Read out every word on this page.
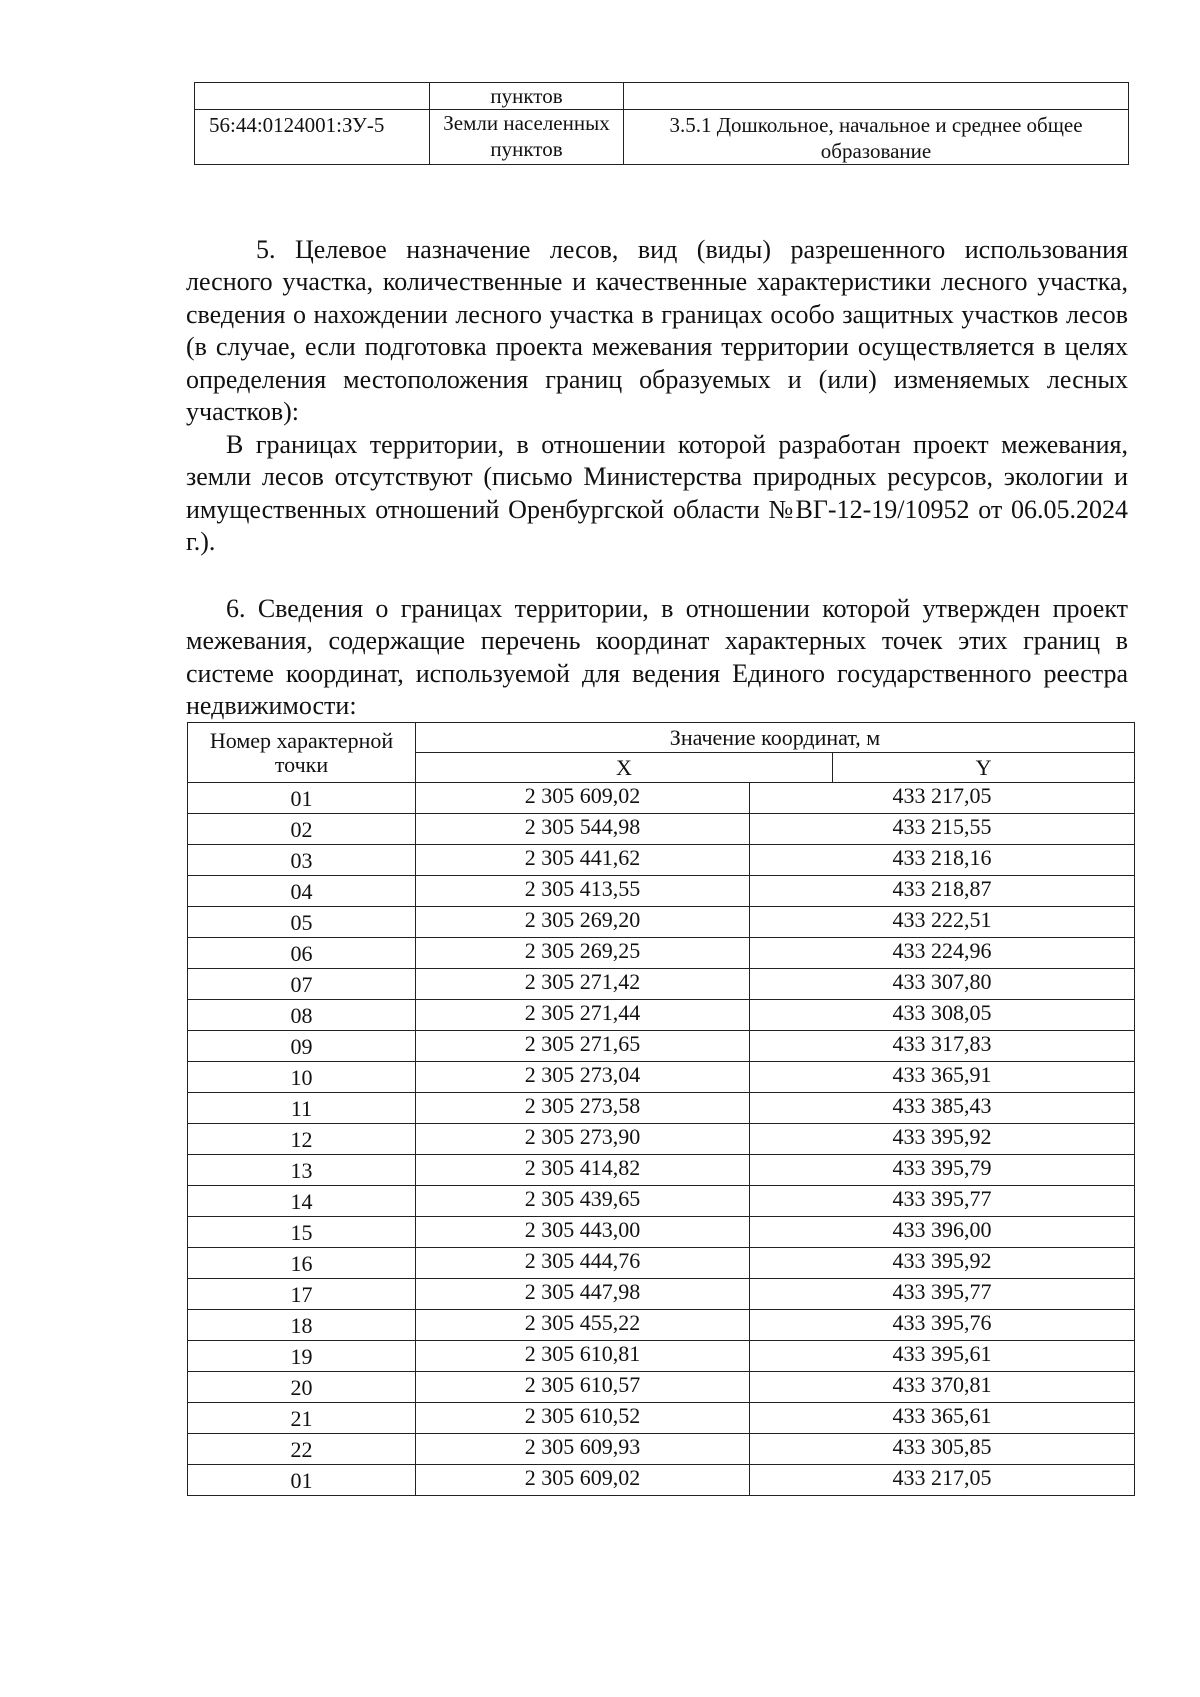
	пунктов	
56:44:0124001:ЗУ-5	Земли населенных пунктов	3.5.1 Дошкольное, начальное и среднее общее образование

5. Целевое назначение лесов, вид (виды) разрешенного использования лесного участка, количественные и качественные характеристики лесного участка, сведения о нахождении лесного участка в границах особо защитных участков лесов (в случае, если подготовка проекта межевания территории осуществляется в целях определения местоположения границ образуемых и (или) изменяемых лесных участков):

В границах территории, в отношении которой разработан проект межевания, земли лесов отсутствуют (письмо Министерства природных ресурсов, экологии и имущественных отношений Оренбургской области №ВГ-12-19/10952 от 06.05.2024 г.).

6. Сведения о границах территории, в отношении которой утвержден проект межевания, содержащие перечень координат характерных точек этих границ в системе координат, используемой для ведения Единого государственного реестра недвижимости:

Номер характерной точки	Значение координат, м		
	X		Y
01	2 305 609,02	433 217,05	
02	2 305 544,98	433 215,55	
03	2 305 441,62	433 218,16	
04	2 305 413,55	433 218,87	
05	2 305 269,20	433 222,51	
06	2 305 269,25	433 224,96	
07	2 305 271,42	433 307,80	
08	2 305 271,44	433 308,05	
09	2 305 271,65	433 317,83	
10	2 305 273,04	433 365,91	
11	2 305 273,58	433 385,43	
12	2 305 273,90	433 395,92	
13	2 305 414,82	433 395,79	
14	2 305 439,65	433 395,77	
15	2 305 443,00	433 396,00	
16	2 305 444,76	433 395,92	
17	2 305 447,98	433 395,77	
18	2 305 455,22	433 395,76	
19	2 305 610,81	433 395,61	
20	2 305 610,57	433 370,81	
21	2 305 610,52	433 365,61	
22	2 305 609,93	433 305,85	
01	2 305 609,02	433 217,05	
